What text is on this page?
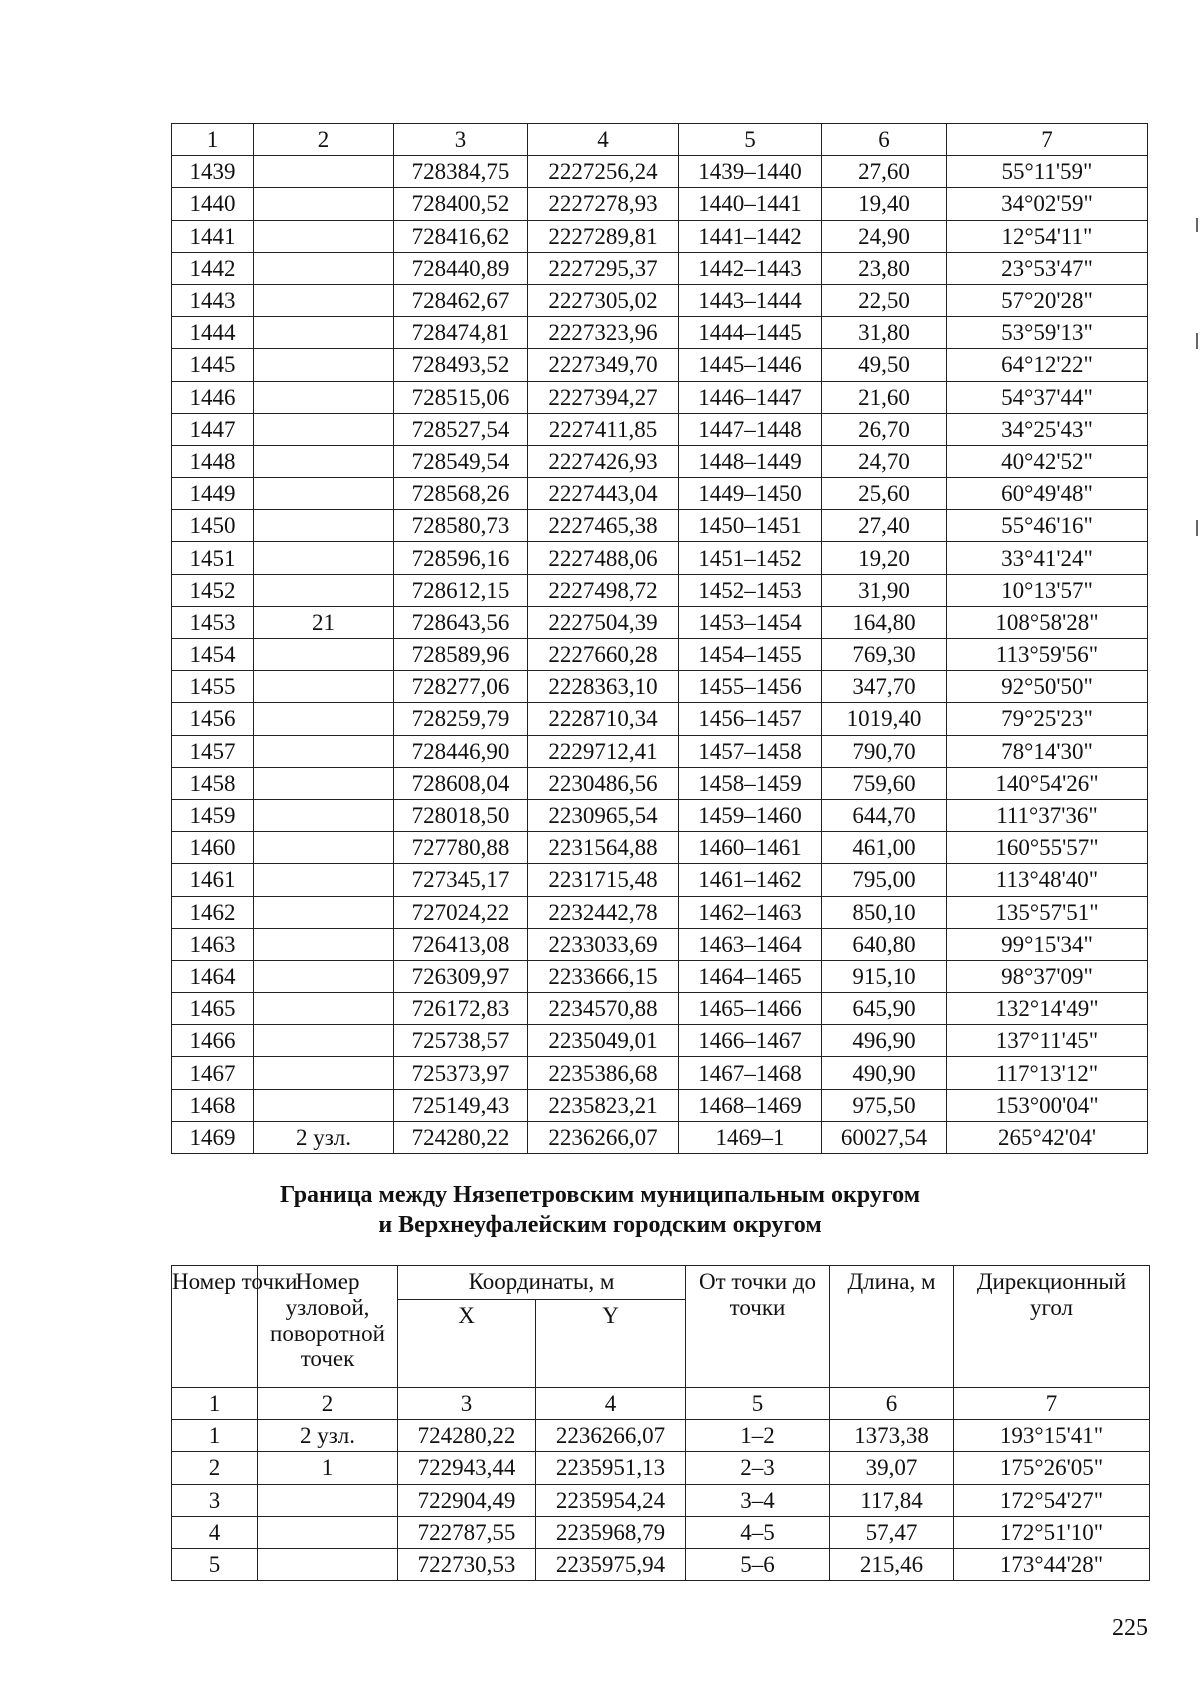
1	2	3	4	5	6	7
1439		728384,75	2227256,24	1439–1440	27,60	55°11'59"
1440		728400,52	2227278,93	1440–1441	19,40	34°02'59"
1441		728416,62	2227289,81	1441–1442	24,90	12°54'11"
1442		728440,89	2227295,37	1442–1443	23,80	23°53'47"
1443		728462,67	2227305,02	1443–1444	22,50	57°20'28"
1444		728474,81	2227323,96	1444–1445	31,80	53°59'13"
1445		728493,52	2227349,70	1445–1446	49,50	64°12'22"
1446		728515,06	2227394,27	1446–1447	21,60	54°37'44"
1447		728527,54	2227411,85	1447–1448	26,70	34°25'43"
1448		728549,54	2227426,93	1448–1449	24,70	40°42'52"
1449		728568,26	2227443,04	1449–1450	25,60	60°49'48"
1450		728580,73	2227465,38	1450–1451	27,40	55°46'16"
1451		728596,16	2227488,06	1451–1452	19,20	33°41'24"
1452		728612,15	2227498,72	1452–1453	31,90	10°13'57"
1453	21	728643,56	2227504,39	1453–1454	164,80	108°58'28"
1454		728589,96	2227660,28	1454–1455	769,30	113°59'56"
1455		728277,06	2228363,10	1455–1456	347,70	92°50'50"
1456		728259,79	2228710,34	1456–1457	1019,40	79°25'23"
1457		728446,90	2229712,41	1457–1458	790,70	78°14'30"
1458		728608,04	2230486,56	1458–1459	759,60	140°54'26"
1459		728018,50	2230965,54	1459–1460	644,70	111°37'36"
1460		727780,88	2231564,88	1460–1461	461,00	160°55'57"
1461		727345,17	2231715,48	1461–1462	795,00	113°48'40"
1462		727024,22	2232442,78	1462–1463	850,10	135°57'51"
1463		726413,08	2233033,69	1463–1464	640,80	99°15'34"
1464		726309,97	2233666,15	1464–1465	915,10	98°37'09"
1465		726172,83	2234570,88	1465–1466	645,90	132°14'49"
1466		725738,57	2235049,01	1466–1467	496,90	137°11'45"
1467		725373,97	2235386,68	1467–1468	490,90	117°13'12"
1468		725149,43	2235823,21	1468–1469	975,50	153°00'04"
1469	2 узл.	724280,22	2236266,07	1469–1	60027,54	265°42'04'
Граница между Нязепетровским муниципальным округом
и Верхнеуфалейским городским округом
Номер точки	Номер узловой, поворотной точек	Координаты, м		От точки до точки	Длина, м	Дирекционный угол
		X	Y			
1	2	3	4	5	6	7
1	2 узл.	724280,22	2236266,07	1–2	1373,38	193°15'41"
2	1	722943,44	2235951,13	2–3	39,07	175°26'05"
3		722904,49	2235954,24	3–4	117,84	172°54'27"
4		722787,55	2235968,79	4–5	57,47	172°51'10"
5		722730,53	2235975,94	5–6	215,46	173°44'28"
225
